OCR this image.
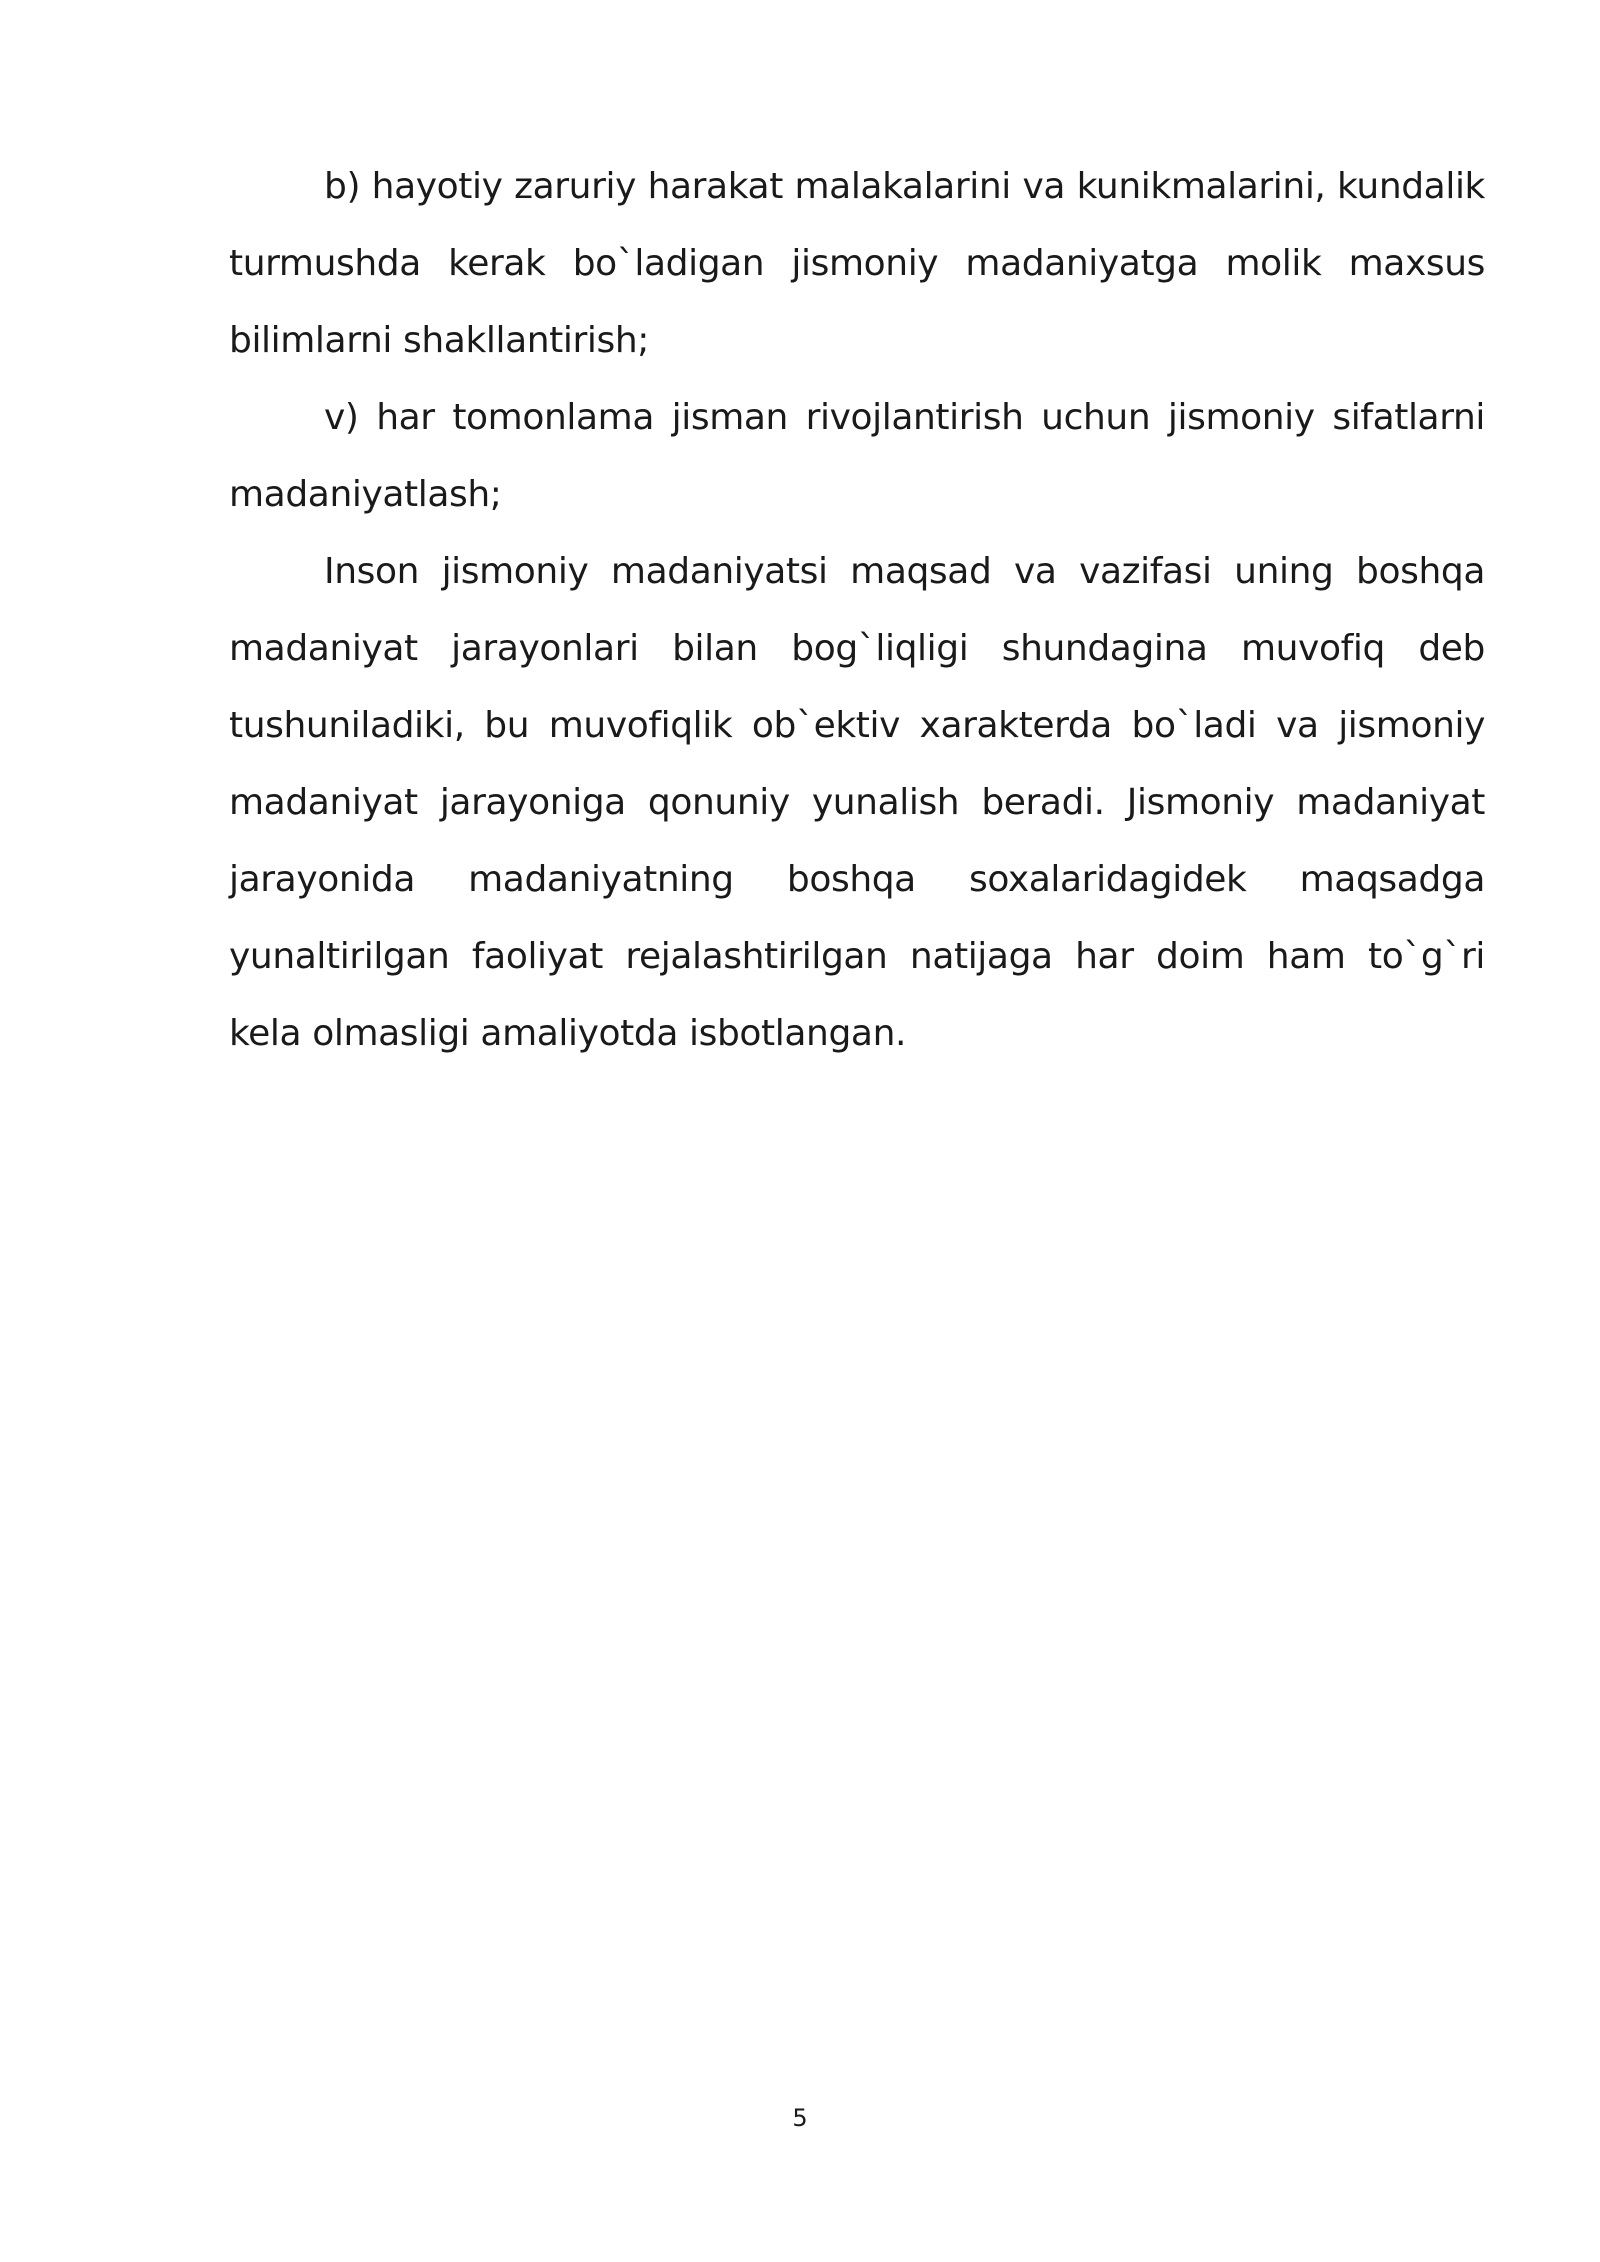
b) hayotiy zaruriy harakat malakalarini va kunikmalarini, kundalik turmushda kerak bo`ladigan jismoniy madaniyatga molik maxsus bilimlarni shakllantirish;

v) har tomonlama jisman rivojlantirish uchun jismoniy sifatlarni madaniyatlash;

Inson jismoniy madaniyatsi maqsad va vazifasi uning boshqa madaniyat jarayonlari bilan bog`liqligi shundagina muvofiq deb tushuniladiki, bu muvofiqlik ob`ektiv xarakterda bo`ladi va jismoniy madaniyat jarayoniga qonuniy yunalish beradi. Jismoniy madaniyat jarayonida madaniyatning boshqa soxalaridagidek maqsadga yunaltirilgan faoliyat rejalashtirilgan natijaga har doim ham to`g`ri kela olmasligi amaliyotda isbotlangan.

5
